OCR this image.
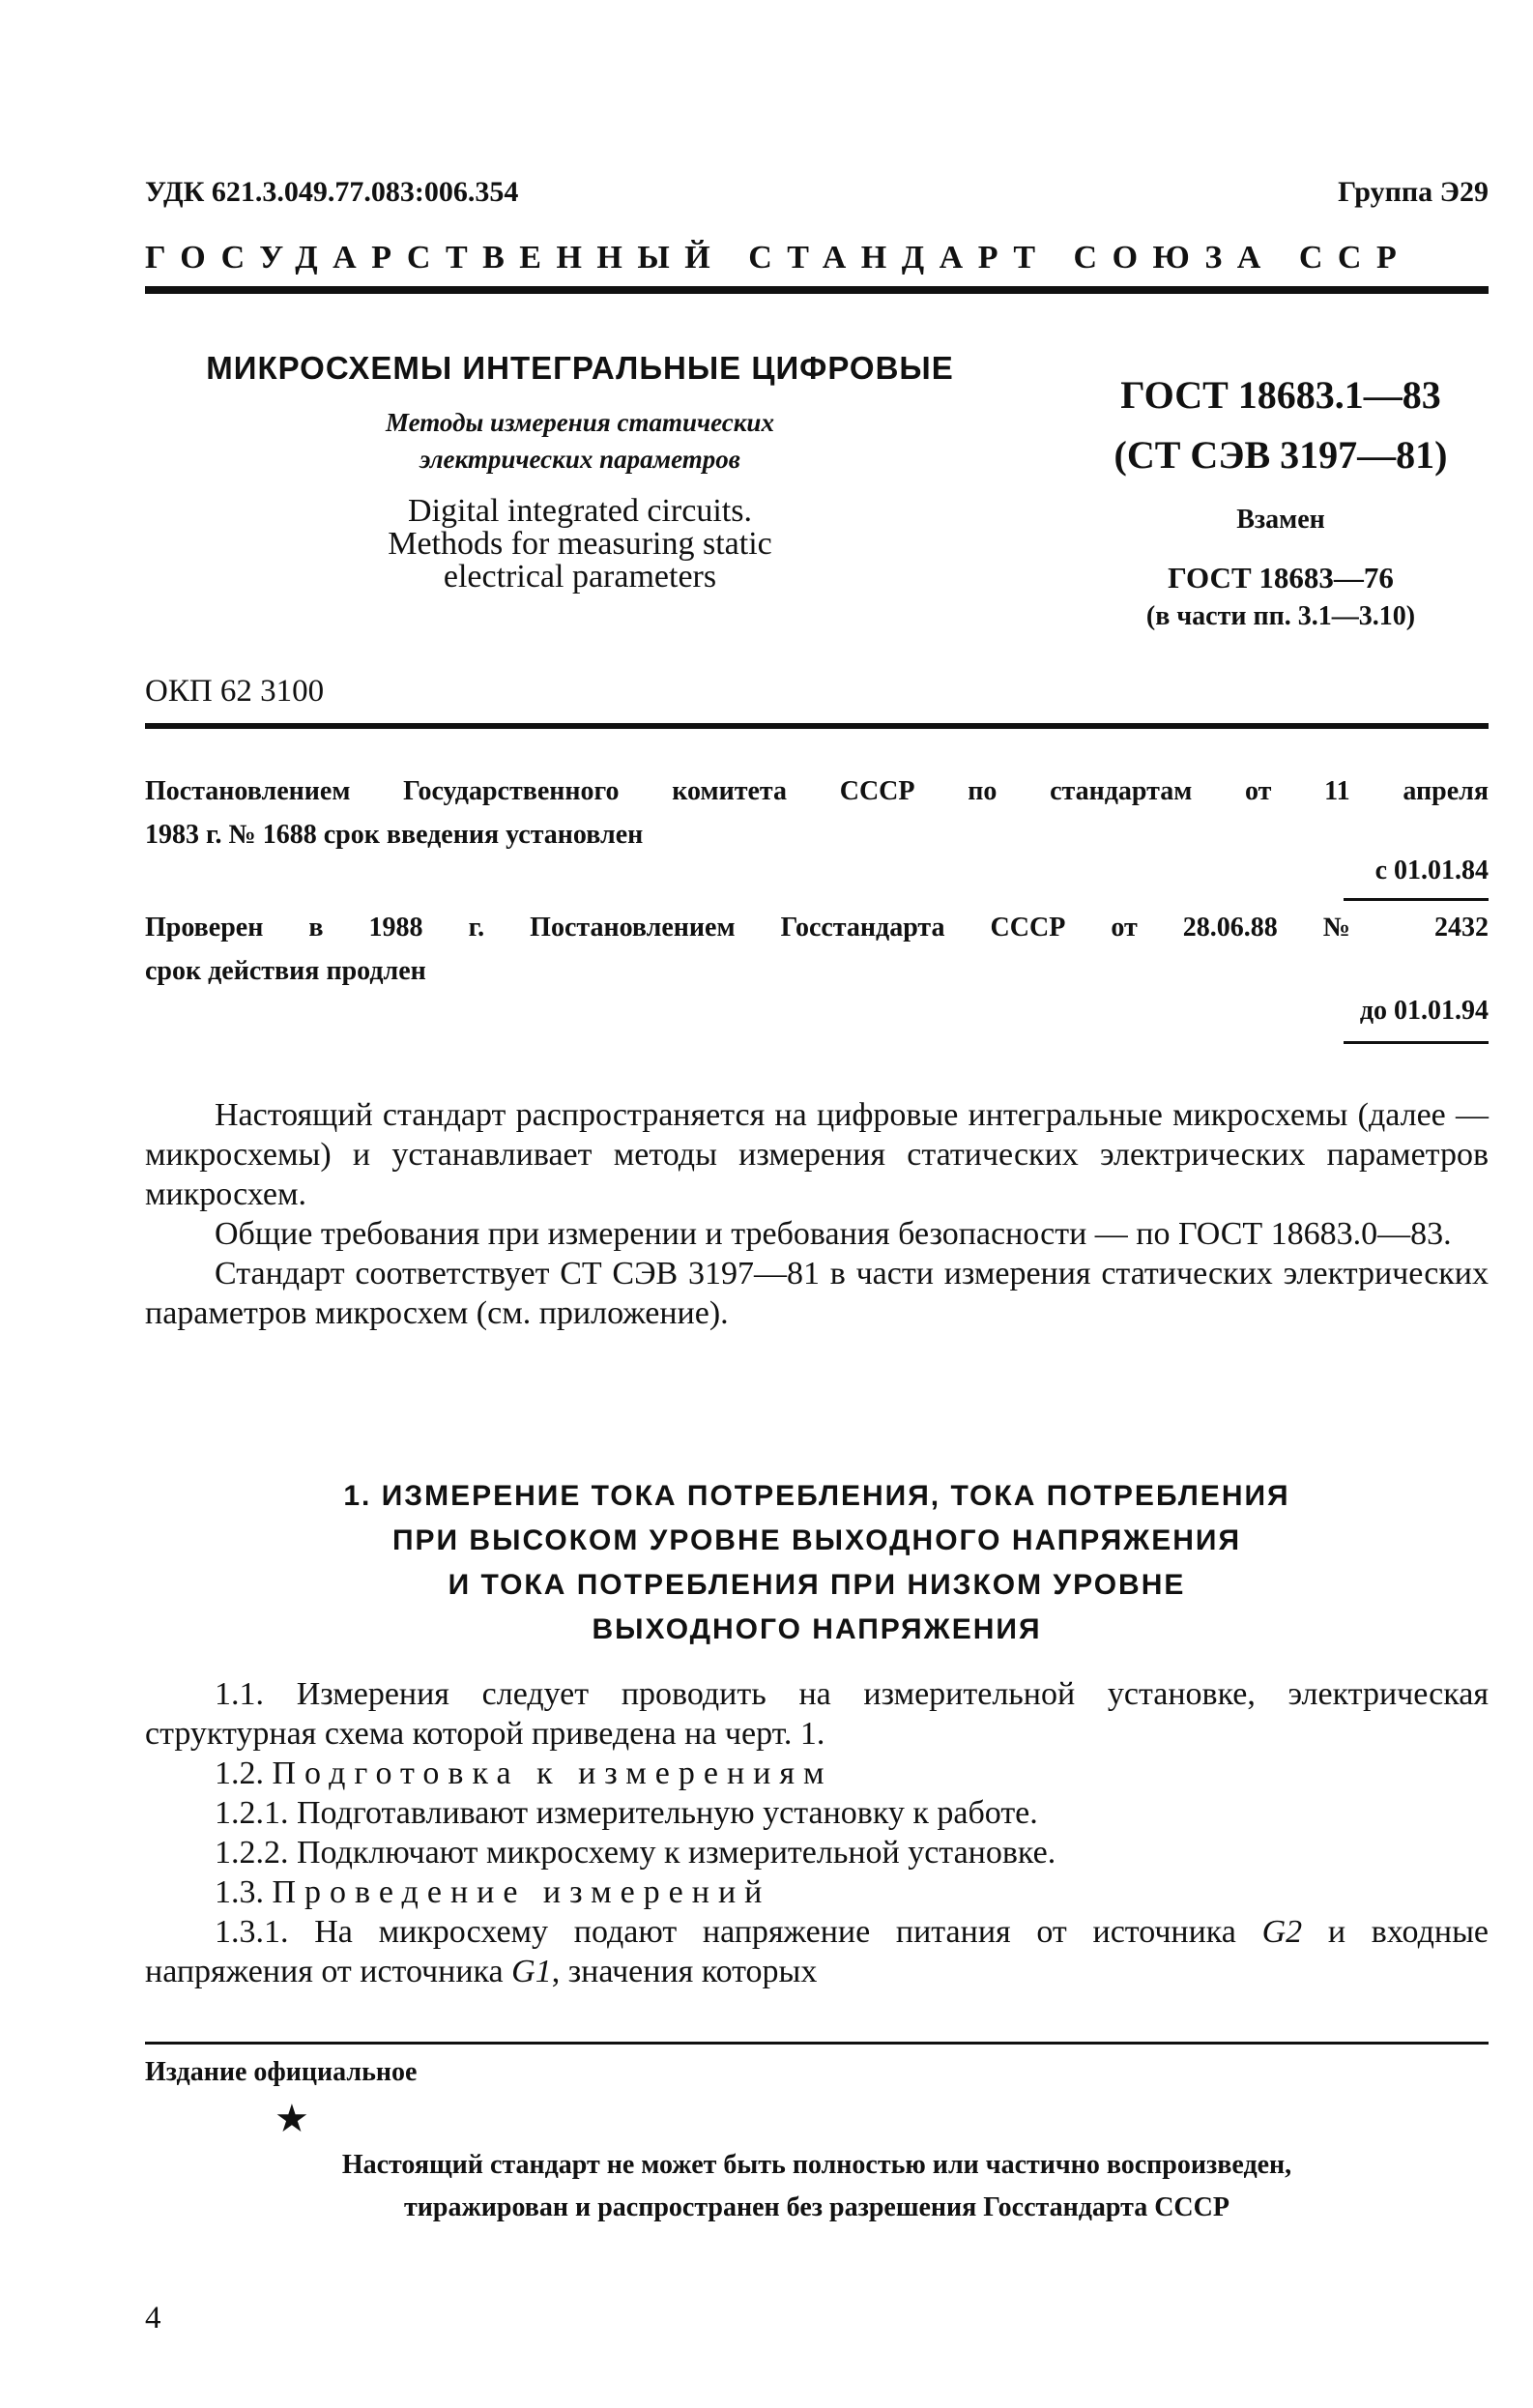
УДК 621.3.049.77.083:006.354	Группа Э29
ГОСУДАРСТВЕННЫЙ СТАНДАРТ СОЮЗА ССР
МИКРОСХЕМЫ ИНТЕГРАЛЬНЫЕ ЦИФРОВЫЕ
Методы измерения статических
электрических параметров
Digital integrated circuits.
Methods for measuring static
electrical parameters
ГОСТ 18683.1—83
(СТ СЭВ 3197—81)
Взамен
ГОСТ 18683—76
(в части пп. 3.1—3.10)
ОКП 62 3100
Постановлением Государственного комитета СССР по стандартам от 11 апреля
1983 г. № 1688 срок введения установлен
с 01.01.84
Проверен в 1988 г. Постановлением Госстандарта СССР от 28.06.88 № 2432
срок действия продлен
до 01.01.94

Настоящий стандарт распространяется на цифровые интегральные микросхемы (далее — микросхемы) и устанавливает методы измерения статических электрических параметров микросхем.

Общие требования при измерении и требования безопасности — по ГОСТ 18683.0—83.

Стандарт соответствует СТ СЭВ 3197—81 в части измерения статических электрических параметров микросхем (см. приложение).

1. ИЗМЕРЕНИЕ ТОКА ПОТРЕБЛЕНИЯ, ТОКА ПОТРЕБЛЕНИЯ
ПРИ ВЫСОКОМ УРОВНЕ ВЫХОДНОГО НАПРЯЖЕНИЯ
И ТОКА ПОТРЕБЛЕНИЯ ПРИ НИЗКОМ УРОВНЕ
ВЫХОДНОГО НАПРЯЖЕНИЯ

1.1. Измерения следует проводить на измерительной установке, электрическая структурная схема которой приведена на черт. 1.

1.2. Подготовка к измерениям

1.2.1. Подготавливают измерительную установку к работе.

1.2.2. Подключают микросхему к измерительной установке.

1.3. Проведение измерений

1.3.1. На микросхему подают напряжение питания от источника G2 и входные напряжения от источника G1, значения которых

Издание официальное
★
Настоящий стандарт не может быть полностью или частично воспроизведен,
тиражирован и распространен без разрешения Госстандарта СССР
4
